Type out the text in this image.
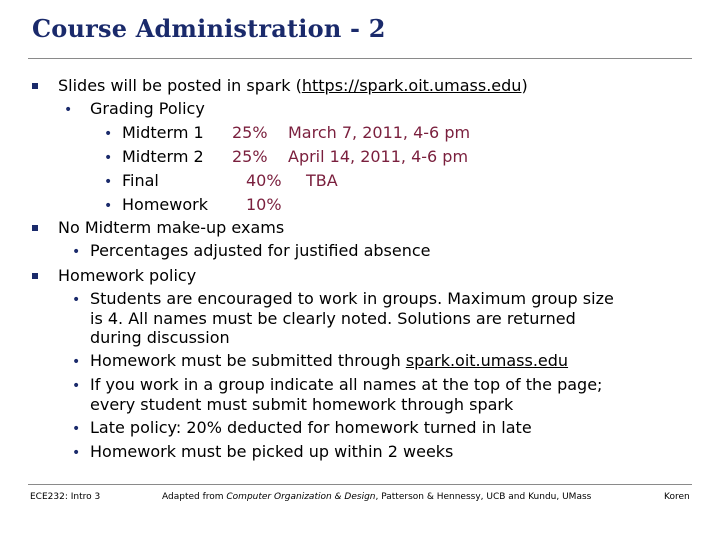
Course Administration - 2
Slides will be posted in spark (https://spark.oit.umass.edu)
• Grading Policy
• Midterm 1 25% March 7, 2011, 4-6 pm
• Midterm 2 25% April 14, 2011, 4-6 pm
• Final	40% TBA
• Homework 10%
No Midterm make-up exams
• Percentages adjusted for justified absence
Homework policy
• Students are encouraged to work in groups. Maximum group size
is 4. All names must be clearly noted. Solutions are returned
during discussion
• Homework must be submitted through spark.oit.umass.edu
• If you work in a group indicate all names at the top of the page;
every student must submit homework through spark
• Late policy: 20% deducted for homework turned in late
• Homework must be picked up within 2 weeks
ECE232: Intro 3	Adapted from Computer Organization & Design, Patterson & Hennessy, UCB and Kundu, UMass	Koren
